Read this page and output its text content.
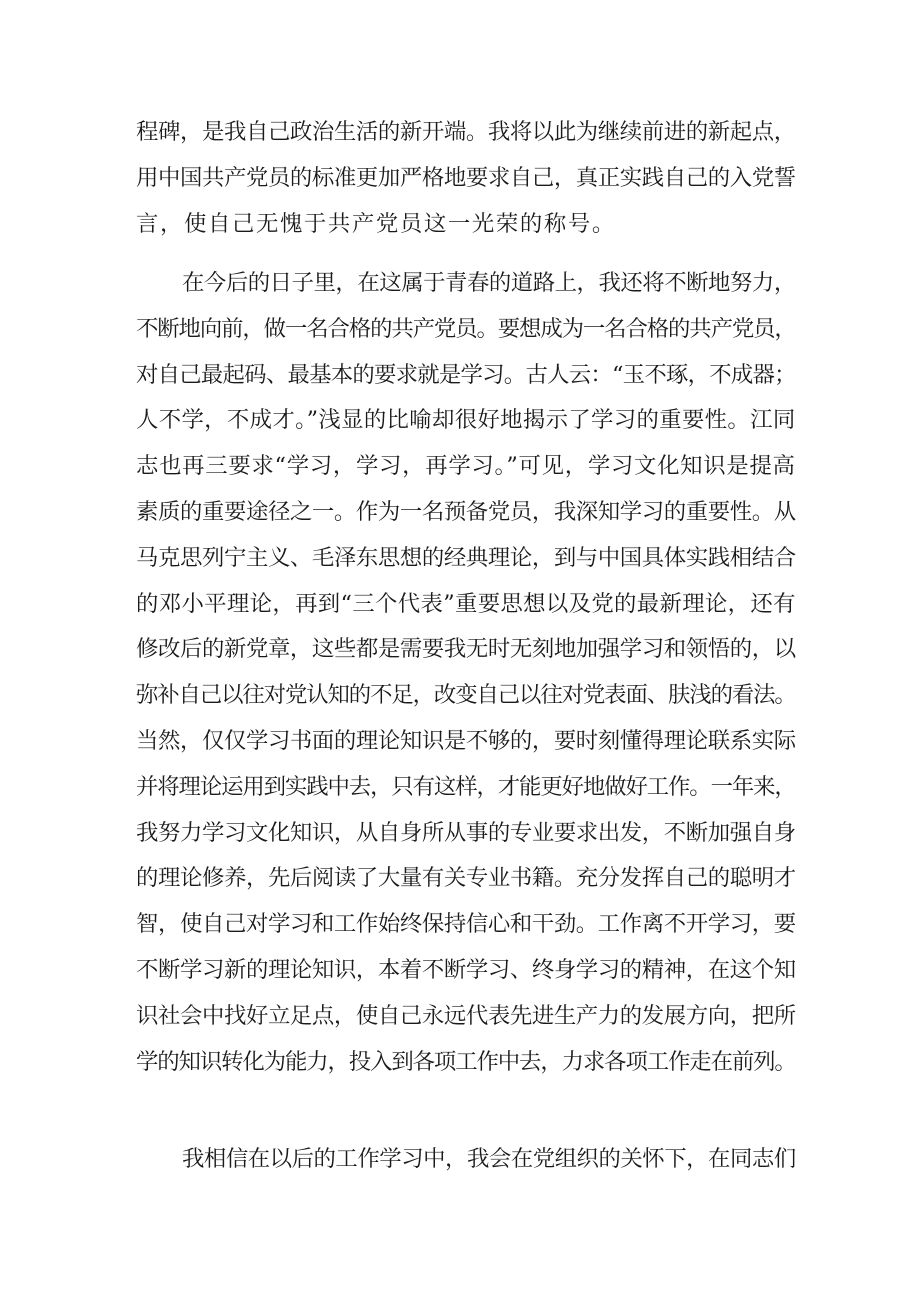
程碑，是我自己政治生活的新开端。我将以此为继续前进的新起点，
用中国共产党员的标准更加严格地要求自己，真正实践自己的入党誓
言，使自己无愧于共产党员这一光荣的称号。
在今后的日子里，在这属于青春的道路上，我还将不断地努力，
不断地向前，做一名合格的共产党员。要想成为一名合格的共产党员，
对自己最起码、最基本的要求就是学习。古人云：“玉不琢，不成器；
人不学，不成才。”浅显的比喻却很好地揭示了学习的重要性。江同
志也再三要求“学习，学习，再学习。”可见，学习文化知识是提高
素质的重要途径之一。作为一名预备党员，我深知学习的重要性。从
马克思列宁主义、毛泽东思想的经典理论，到与中国具体实践相结合
的邓小平理论，再到“三个代表”重要思想以及党的最新理论，还有
修改后的新党章，这些都是需要我无时无刻地加强学习和领悟的，以
弥补自己以往对党认知的不足，改变自己以往对党表面、肤浅的看法。
当然，仅仅学习书面的理论知识是不够的，要时刻懂得理论联系实际
并将理论运用到实践中去，只有这样，才能更好地做好工作。一年来，
我努力学习文化知识，从自身所从事的专业要求出发，不断加强自身
的理论修养，先后阅读了大量有关专业书籍。充分发挥自己的聪明才
智，使自己对学习和工作始终保持信心和干劲。工作离不开学习，要
不断学习新的理论知识，本着不断学习、终身学习的精神，在这个知
识社会中找好立足点，使自己永远代表先进生产力的发展方向，把所
学的知识转化为能力，投入到各项工作中去，力求各项工作走在前列。
我相信在以后的工作学习中，我会在党组织的关怀下，在同志们
